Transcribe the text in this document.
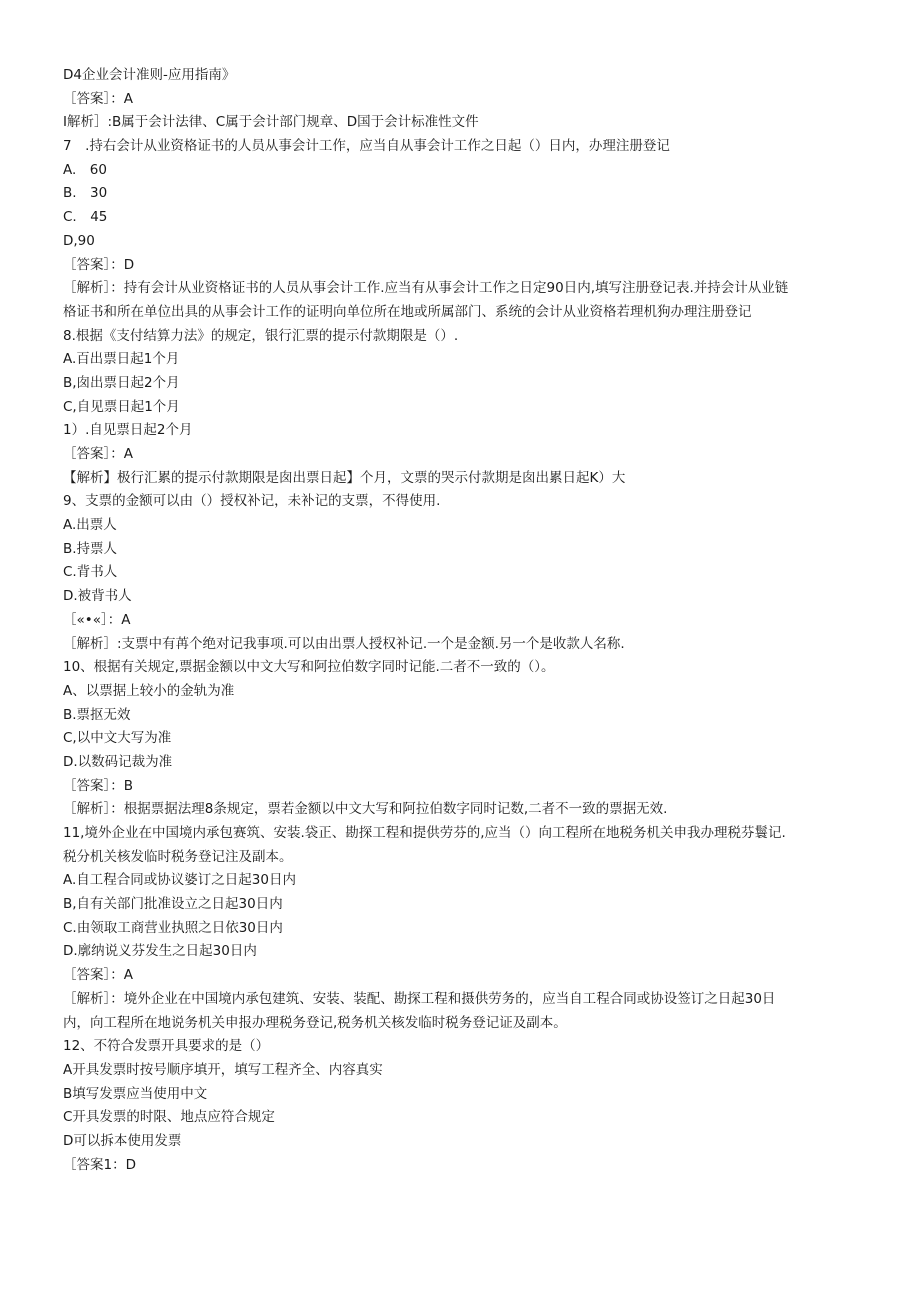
D4企业会计准则-应用指南》
［答案］：A
I解析］:B属于会计法律、C属于会计部门规章、D国于会计标准性文件
7　.持右会计从业资格证书的人员从事会计工作，应当自从事会计工作之日起（）日内，办理注册登记
A.　60
B.　30
C.　45
D,90
［答案］：D
［解析］：持有会计从业资格证书的人员从事会计工作.应当有从事会计工作之日定90日内,填写注册登记表.并持会计从业链
格证书和所在单位出具的从事会计工作的证明向单位所在地或所属部门、系统的会计从业资格若理机狗办理注册登记
8.根据《支付结算力法》的规定，银行汇票的提示付款期限是（）.
A.百出票日起1个月
B,囱出票日起2个月
C,自见票日起1个月
1）.自见票日起2个月
［答案］：A
【解析】极行汇累的提示付款期限是囱出票日起】个月，文票的哭示付款期是囱出累日起K）大
9、支票的金额可以由（）授权补记，未补记的支票，不得使用.
A.出票人
B.持票人
C.背书人
D.被背书人
［«•«］：A
［解析］:支票中有苒个绝对记我事项.可以由出票人授权补记.一个是金额.另一个是收款人名称.
10、根据有关规定,票据金额以中文大写和阿拉伯数字同时记能.二者不一致的（）。
A、以票据上较小的金轨为准
B.票抠无效
C,以中文大写为准
D.以数码记裁为准
［答案］：B
［解析］：根据票据法理8条规定，票若金额以中文大写和阿拉伯数字同时记数,二者不一致的票据无效.
11,境外企业在中国境内承包赛筑、安装.袋正、勘探工程和提供劳芬的,应当（）向工程所在地税务机关申我办理税芬鬟记.
税分机关核发临时税务登记注及副本。
A.自工程合同或协议婆订之日起30日内
B,自有关部门批准设立之日起30日内
C.由领取工商营业执照之日依30日内
D.廓纳说义芬发生之日起30日内
［答案］：A
［解析］：境外企业在中国境内承包建筑、安装、装配、勘探工程和摄供劳务的，应当自工程合同或协设签订之日起30日
内，向工程所在地说务机关申报办理税务登记,税务机关核发临时税务登记证及副本。
12、不符合发票开具要求的是（）
A开具发票时按号顺序填开，填写工程齐全、内容真实
B填写发票应当使用中文
C开具发票的时限、地点应符合规定
D可以拆本使用发票
［答案1：D
